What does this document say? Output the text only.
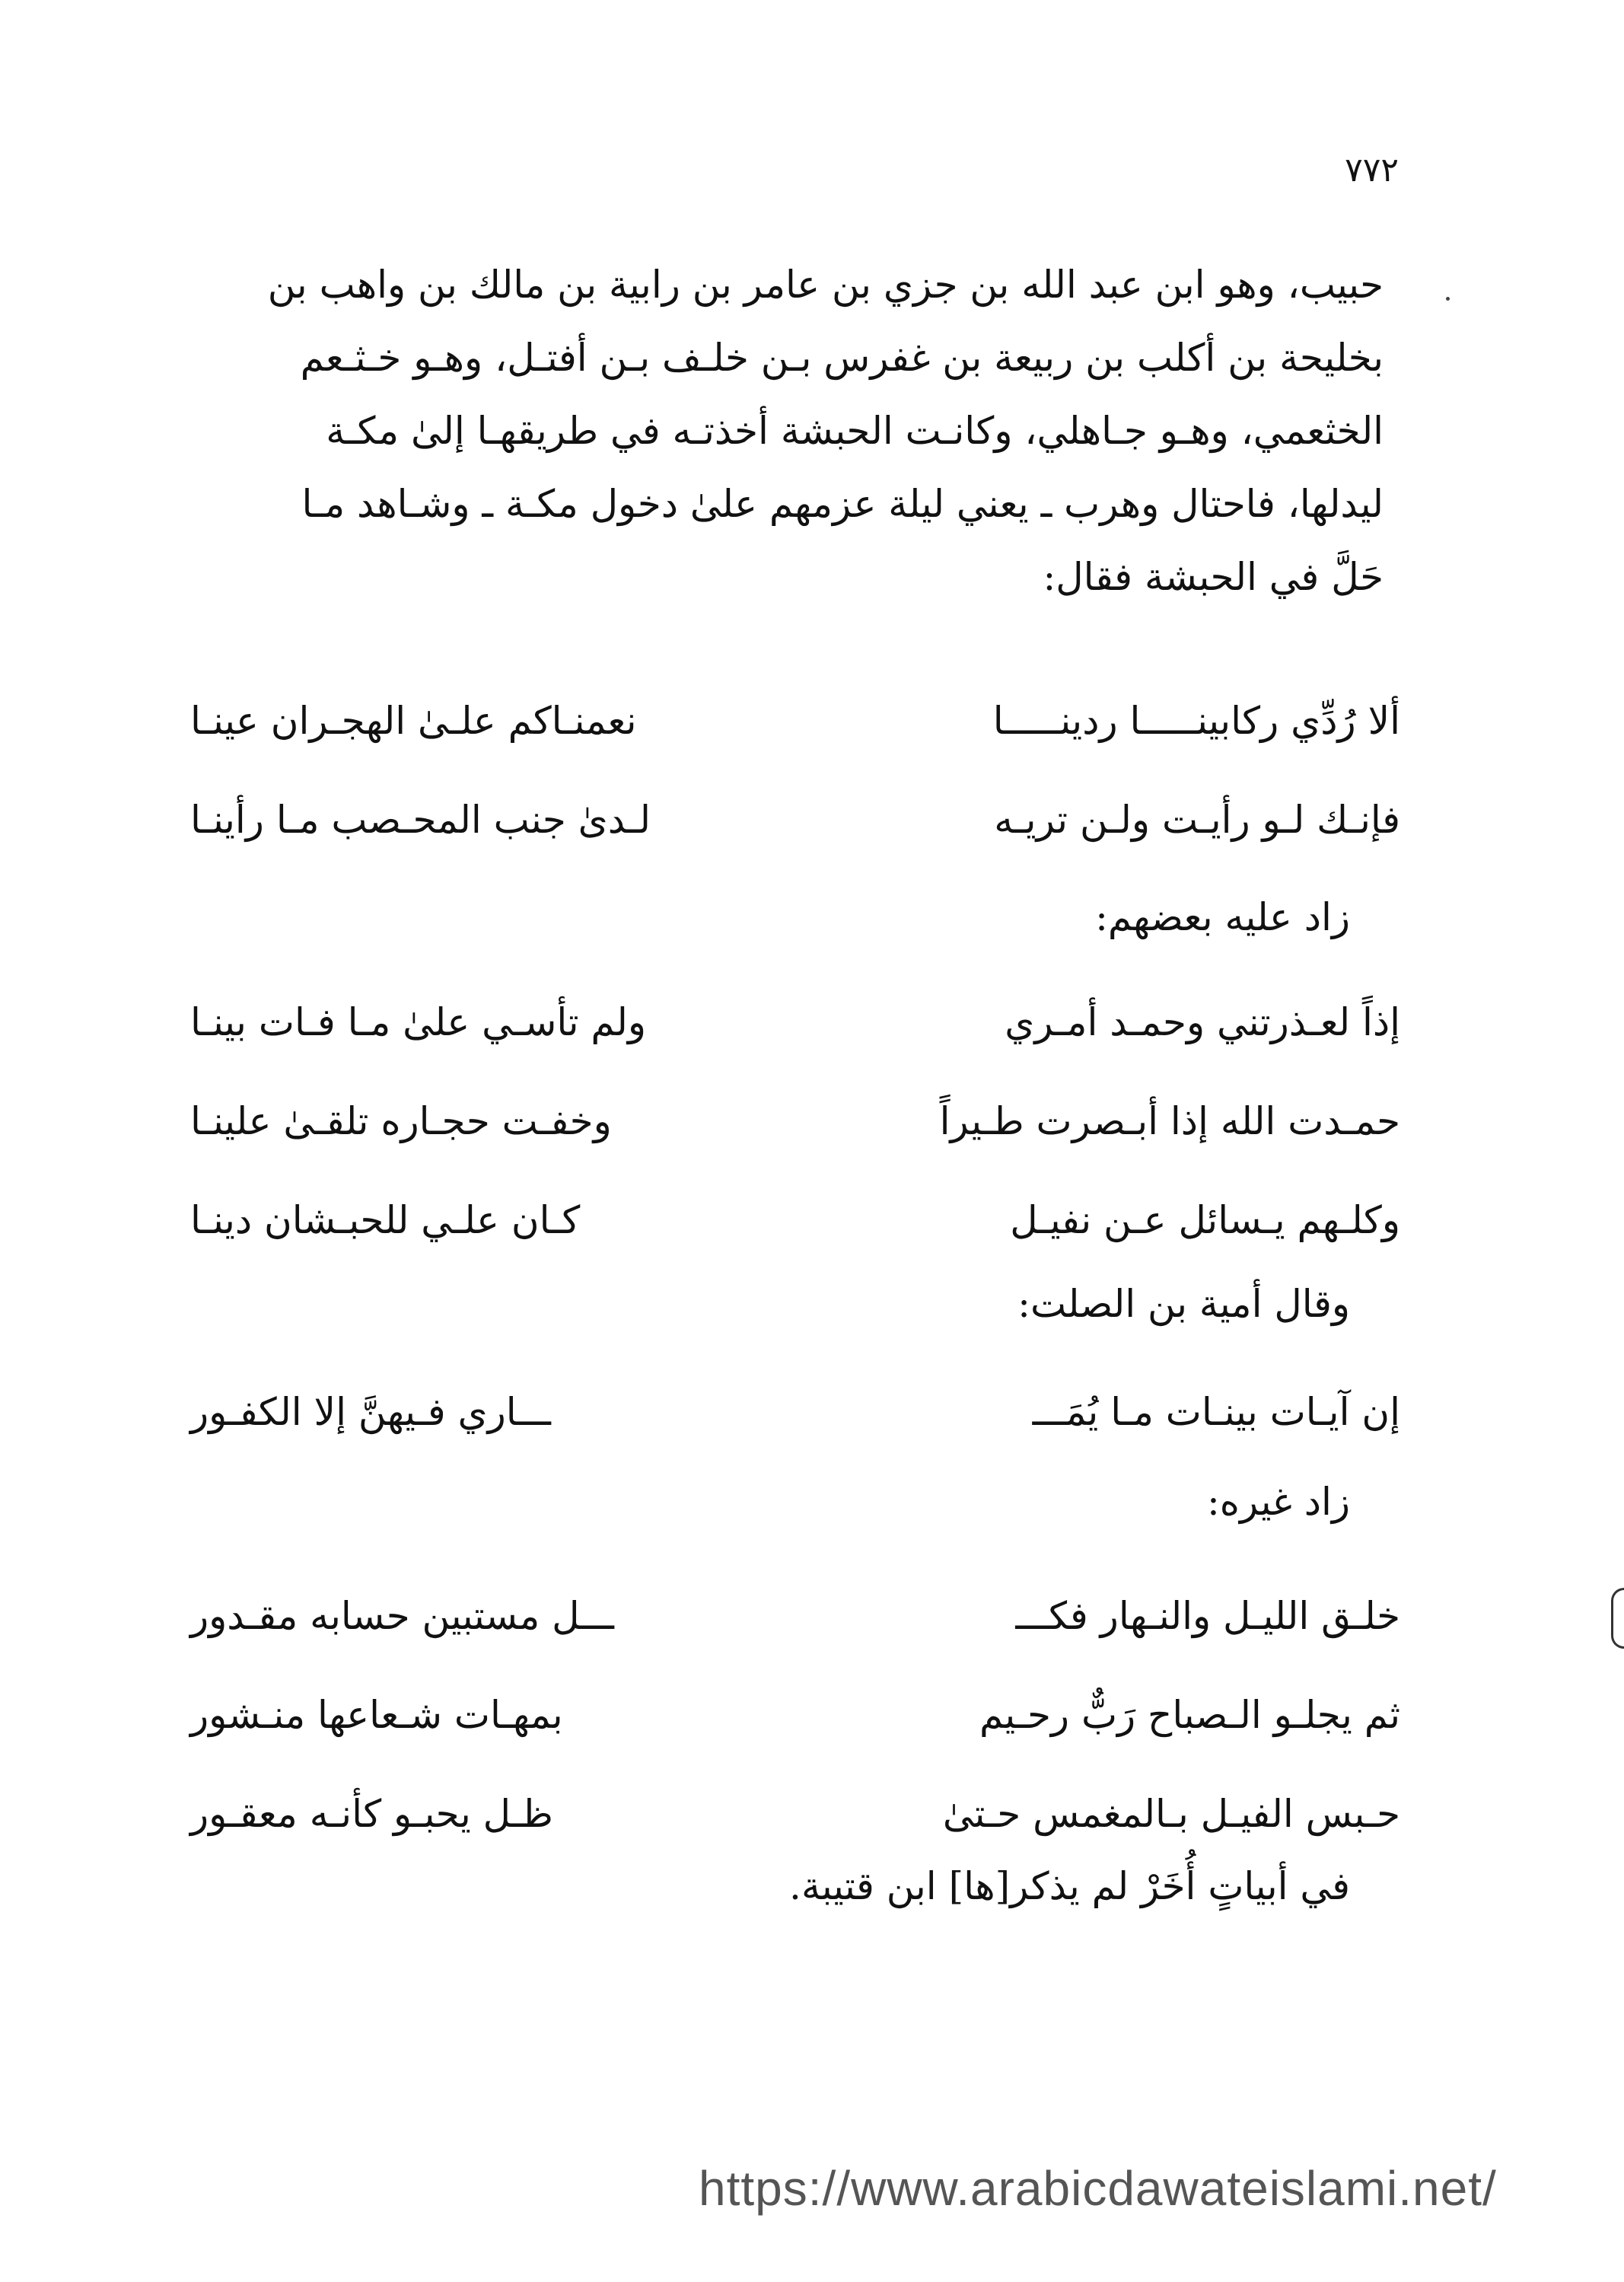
٧٧٢

حبيب، وهو ابن عبد الله بن جزي بن عامر بن رابية بن مالك بن واهب بن

بخليحة بن أكلب بن ربيعة بن غفرس بـن خلـف بـن أفتـل، وهـو خـثـعم

الخثعمي، وهـو جـاهلي، وكانـت الحبشة أخذتـه في طريقهـا إلىٰ مكـة

ليدلها، فاحتال وهرب ـ يعني ليلة عزمهم علىٰ دخول مكـة ـ وشـاهد مـا

حَلَّ في الحبشة فقال:

ألا رُدِّي ركابينـــــا ردينـــــا
نعمنـاكم علـىٰ الهجـران عينـا
فإنـك لـو رأيـت ولـن تريـه
لـدىٰ جنب المحـصب مـا رأينـا
زاد عليه بعضهم:
إذاً لعـذرتني وحمـد أمـري
ولم تأسـي علىٰ مـا فـات بينـا
حمـدت الله إذا أبـصرت طـيراً
وخفـت حجـاره تلقـىٰ علينـا
وكلـهم يـسائل عـن نفيـل
كـان علـي للحبـشان دينـا
وقال أمية بن الصلت:
إن آيـات بينـات مـا يُمَـــ
ـــاري فـيهنَّ إلا الكفـور
زاد غيره:
خلـق الليـل والنـهار فكـــ
ـــل مستبين حسابه مقـدور
ثم يجلـو الـصباح رَبٌّ رحـيم
بمهـات شـعاعها منـشور
حـبس الفيـل بـالمغمس حـتىٰ
ظـل يحبـو كأنـه معقـور
في أبياتٍ أُخَرْ لم يذكر[ها] ابن قتيبة.
https://www.arabicdawateislami.net/
